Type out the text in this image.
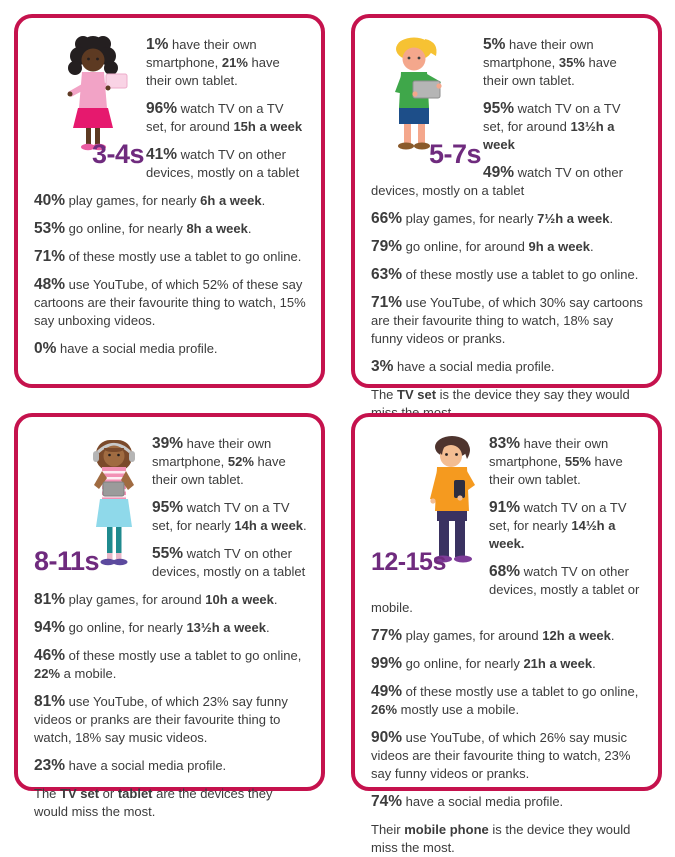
3-4s

1% have their own smartphone, 21% have their own tablet.

96% watch TV on a TV set, for around 15h a week

41% watch TV on other devices, mostly on a tablet

40% play games, for nearly 6h a week.

53% go online, for nearly 8h a week.

71% of these mostly use a tablet to go online.

48% use YouTube, of which 52% of these say cartoons are their favourite thing to watch, 15% say unboxing videos.

0% have a social media profile.

5-7s

5% have their own smartphone, 35% have their own tablet.

95% watch TV on a TV set, for around 13½h a week

49% watch TV on other devices, mostly on a tablet

66% play games, for nearly 7½h a week.

79% go online, for around 9h a week.

63% of these mostly use a tablet to go online.

71% use YouTube, of which 30% say cartoons are their favourite thing to watch, 18% say funny videos or pranks.

3% have a social media profile.

The TV set is the device they say they would

8-11s

39% have their own smartphone, 52% have their own tablet.

95% watch TV on a TV set, for nearly 14h a week.

55% watch TV on other devices, mostly on a tablet

81% play games, for around 10h a week.

94% go online, for nearly 13½h a week.

46% of these mostly use a tablet to go online, 22% a mobile.

81% use YouTube, of which 23% say funny videos or pranks are their favourite thing to watch, 18% say music videos.

23% have a social media profile.

The TV set or tablet are the devices they would miss the most.

12-15s

83% have their own smartphone, 55% have their own tablet.

91% watch TV on a TV set, for nearly 14½h a week.

68% watch TV on other devices, mostly a tablet or mobile.

77% play games, for around 12h a week.

99% go online, for nearly 21h a week.

49% of these mostly use a tablet to go online, 26% mostly use a mobile.

90% use YouTube, of which 26% say music videos are their favourite thing to watch, 23% say funny videos or pranks.

74% have a social media profile.

Their mobile phone is the device they would miss the most.
